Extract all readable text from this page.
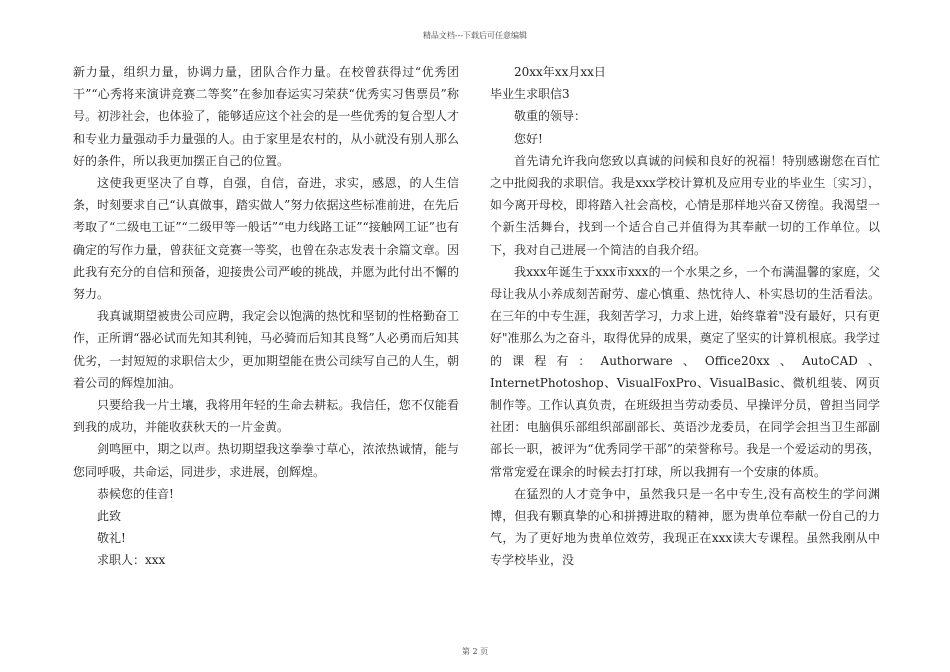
精品文档---下载后可任意编辑

新力量，组织力量，协调力量，团队合作力量。在校曾获得过“优秀团干”“心秀将来演讲竞赛二等奖”在参加春运实习荣获“优秀实习售票员”称号。初涉社会，也体验了，能够适应这个社会的是一些优秀的复合型人才和专业力量强动手力量强的人。由于家里是农村的，从小就没有别人那么好的条件，所以我更加摆正自己的位置。

这使我更坚决了自尊，自强，自信，奋进，求实，感恩，的人生信条，时刻要求自己“认真做事，踏实做人”努力依据这些标准前进，在先后考取了“二级电工证”“二级甲等一般话”“电力线路工证”“接触网工证”也有确定的写作力量，曾获征文竞赛一等奖，也曾在杂志发表十余篇文章。因此我有充分的自信和预备，迎接贵公司严峻的挑战，并愿为此付出不懈的努力。

我真诚期望被贵公司应聘，我定会以饱满的热忱和坚韧的性格勤奋工作，正所谓“器必试而先知其利钝，马必骑而后知其良驽”人必勇而后知其优劣，一封短短的求职信太少，更加期望能在贵公司续写自己的人生，朝着公司的辉煌加油。

只要给我一片土壤，我将用年轻的生命去耕耘。我信任，您不仅能看到我的成功，并能收获秋天的一片金黄。

剑鸣匣中，期之以声。热切期望我这拳拳寸草心，浓浓热诚情，能与您同呼吸，共命运，同进步，求进展，创辉煌。

恭候您的佳音!

此致

敬礼!

求职人：xxx

20xx年xx月xx日

毕业生求职信3

敬重的领导：

您好!

首先请允许我向您致以真诚的问候和良好的祝福！特别感谢您在百忙之中批阅我的求职信。我是xxx学校计算机及应用专业的毕业生〔实习〕，如今离开母校，即将踏入社会高校，心情是那样地兴奋又傍徨。我渴望一个新生活舞台，找到一个适合自己并值得为其奉献一切的工作单位。以下，我对自己进展一个简洁的自我介绍。

我xxx年诞生于xxx市xxx的一个水果之乡，一个布满温馨的家庭，父母让我从小养成刻苦耐劳、虚心慎重、热忱待人、朴实恳切的生活看法。在三年的中专生涯，我刻苦学习，力求上进，始终靠着"没有最好，只有更好"准那么为之奋斗，取得优异的成果，奠定了坚实的计算机根底。我学过的课程有：Authorware、Office20xx、AutoCAD、InternetPhotoshop、VisualFoxPro、VisualBasic、微机组装、网页制作等。工作认真负责，在班级担当劳动委员、早操评分员，曾担当同学社团：电脑俱乐部组织部副部长、英语沙龙委员，在同学会担当卫生部副部长一职，被评为“优秀同学干部”的荣誉称号。我是一个爱运动的男孩，常常宠爱在课余的时候去打打球，所以我拥有一个安康的体质。

在猛烈的人才竞争中，虽然我只是一名中专生,没有高校生的学问渊博，但我有颗真挚的心和拼搏进取的精神，愿为贵单位奉献一份自己的力气，为了更好地为贵单位效劳，我现正在xxx读大专课程。虽然我刚从中专学校毕业，没

第 2 页
